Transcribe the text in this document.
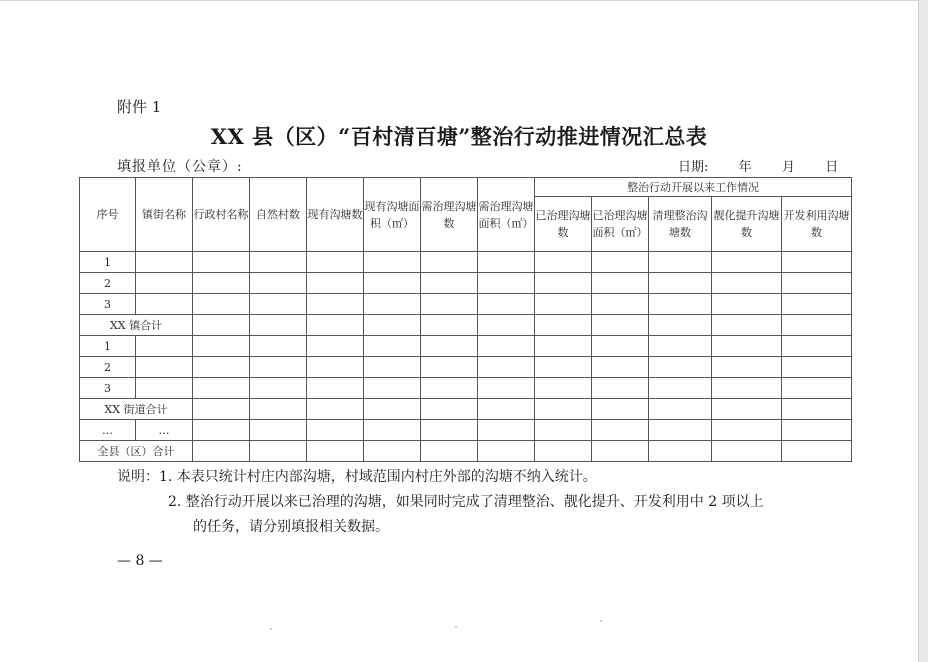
附件 1
XX 县（区）“百村清百塘”整治行动推进情况汇总表
填报单位（公章）:	日期: 年 月 日
序号	镇街名称	行政村名称	自然村数	现有沟塘数	现有沟塘面积（㎡）	需治理沟塘数	需治理沟塘面积（㎡）	整治行动开展以来工作情况				
								已治理沟塘数	已治理沟塘面积（㎡）	清理整治沟塘数	靓化提升沟塘数	开发利用沟塘数
1												
2												
3												
XX 镇合计												
1												
2												
3												
XX 街道合计												
…	…											
全县（区）合计												
说明：1. 本表只统计村庄内部沟塘，村域范围内村庄外部的沟塘不纳入统计。
2. 整治行动开展以来已治理的沟塘，如果同时完成了清理整治、靓化提升、开发利用中 2 项以上
的任务，请分别填报相关数据。
— 8 —
